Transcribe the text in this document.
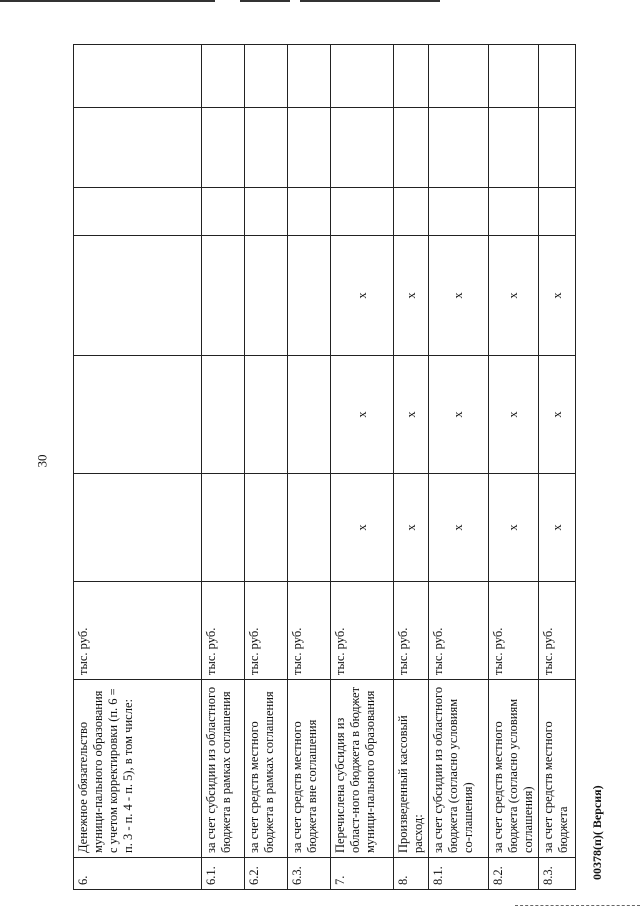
30
6.	Денежное обязательство муници-пального образования с учетом корректировки (п. 6 = п. 3 - п. 4 - п. 5), в том числе:	тыс. руб.						
6.1.	за счет субсидии из областного бюджета в рамках соглашения	тыс. руб.						
6.2.	за счет средств местного бюджета в рамках соглашения	тыс. руб.						
6.3.	за счет средств местного бюджета вне соглашения	тыс. руб.						
7.	Перечислена субсидия из област-ного бюджета в бюджет муници-пального образования	тыс. руб.	х	х	х			
8.	Произведенный кассовый расход:	тыс. руб.	х	х	х			
8.1.	за счет субсидии из областного бюджета (согласно условиям со-глашения)	тыс. руб.	х	х	х			
8.2.	за счет средств местного бюджета (согласно условиям соглашения)	тыс. руб.	х	х	х			
8.3.	за счет средств местного бюджета	тыс. руб.	х	х	х			
00378(п)( Версия)
